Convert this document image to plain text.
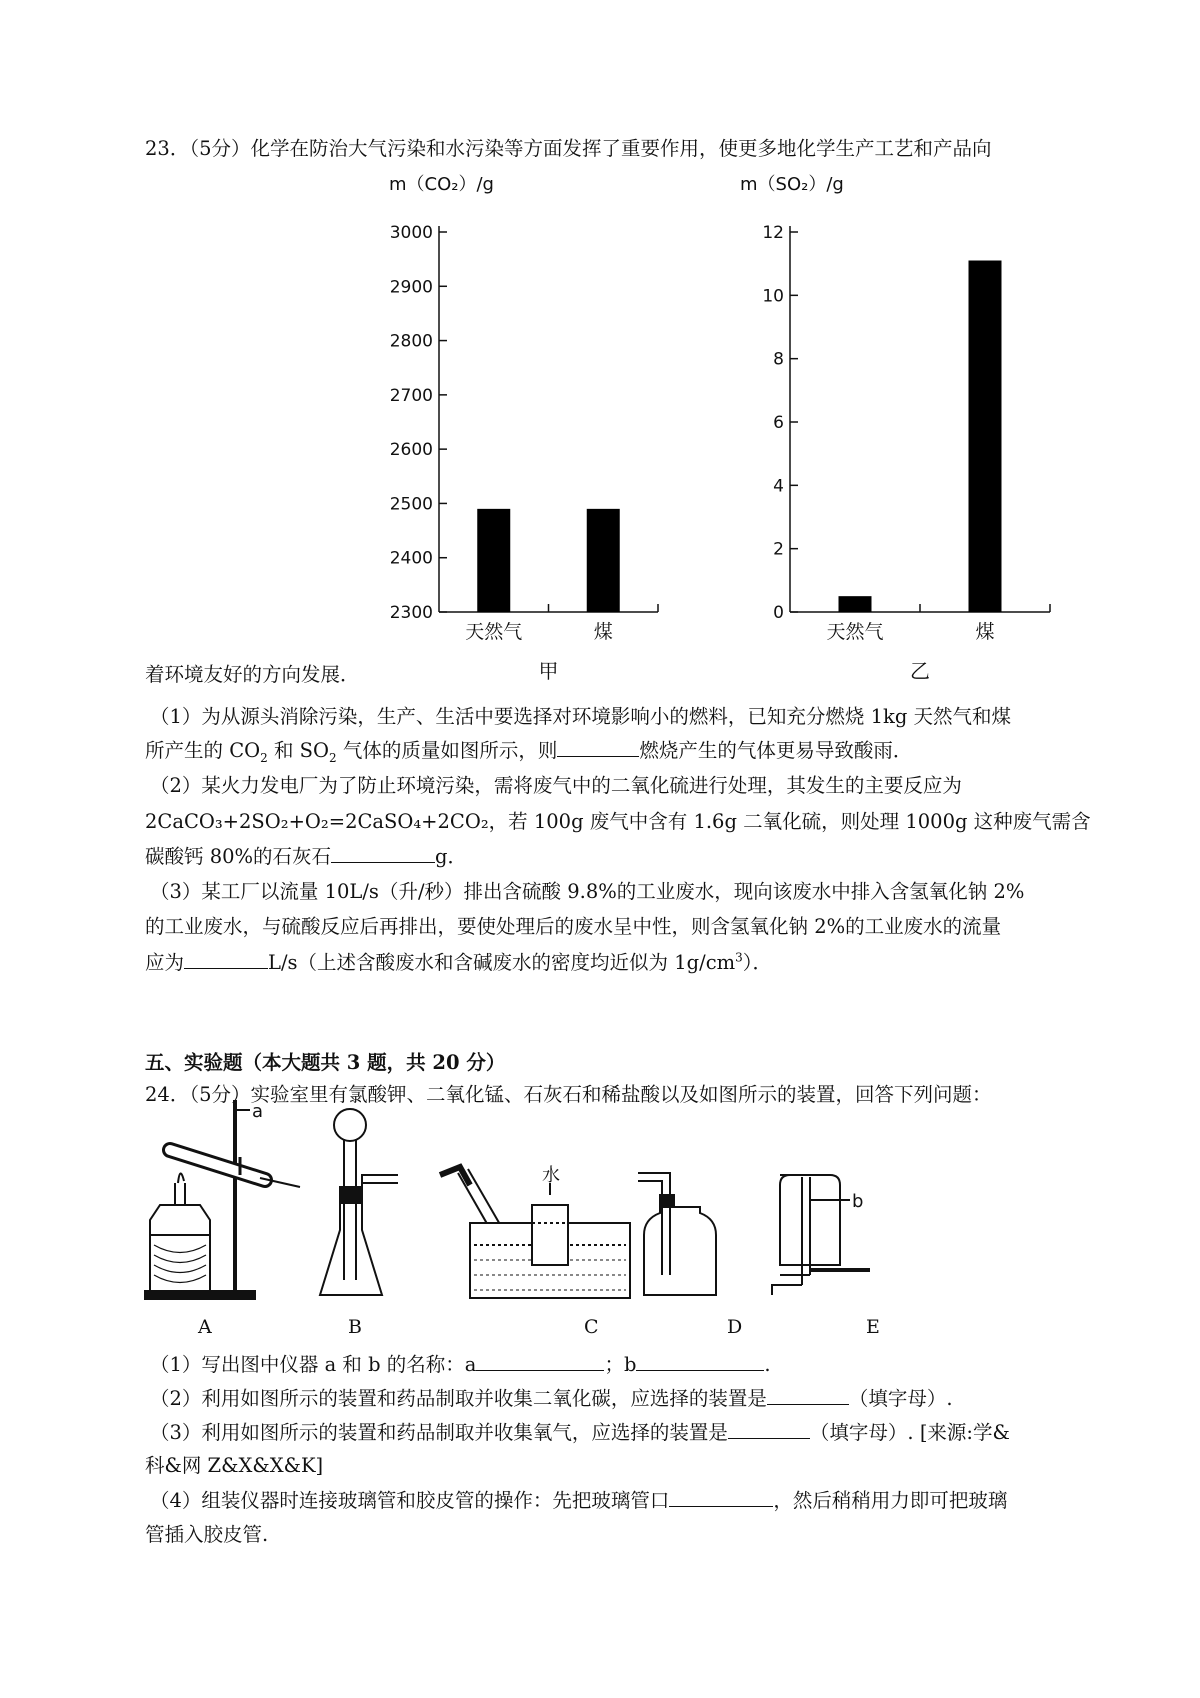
23．（5分）化学在防治大气污染和水污染等方面发挥了重要作用，使更多地化学生产工艺和产品向
m（CO₂）/g
2300
2400
2500
2600
2700
2800
2900
3000
天然气	煤
甲
m（SO₂）/g
0
2
4
6
8
10
12
天然气	煤
乙
着环境友好的方向发展．
（1）为从源头消除污染，生产、生活中要选择对环境影响小的燃料，已知充分燃烧 1kg 天然气和煤
所产生的 $CO_2$ 和 $SO_2$ 气体的质量如图所示，则	燃烧产生的气体更易导致酸雨．
（2）某火力发电厂为了防止环境污染，需将废气中的二氧化硫进行处理，其发生的主要反应为
2CaCO₃+2SO₂+O₂=2CaSO₄+2CO₂，若 100g 废气中含有 1.6g 二氧化硫，则处理 1000g 这种废气需含
碳酸钙 80%的石灰石	g．
（3）某工厂以流量 10L/s（升/秒）排出含硫酸 9.8%的工业废水，现向该废水中排入含氢氧化钠 2%
的工业废水，与硫酸反应后再排出，要使处理后的废水呈中性，则含氢氧化钠 2%的工业废水的流量
应为	L/s（上述含酸废水和含碱废水的密度均近似为 $1g/cm^3$）．
五、实验题（本大题共 3 题，共 20 分）
24．（5分）实验室里有氯酸钾、二氧化锰、石灰石和稀盐酸以及如图所示的装置，回答下列问题：
a
水
b
A	B	C	D	E
（1）写出图中仪器 a 和 b 的名称：a	；b	.
（2）利用如图所示的装置和药品制取并收集二氧化碳，应选择的装置是	（填字母）.
（3）利用如图所示的装置和药品制取并收集氧气，应选择的装置是	（填字母）. [来源:学&
科&网 Z&X&X&K]
（4）组装仪器时连接玻璃管和胶皮管的操作：先把玻璃管口	，然后稍稍用力即可把玻璃
管插入胶皮管.
